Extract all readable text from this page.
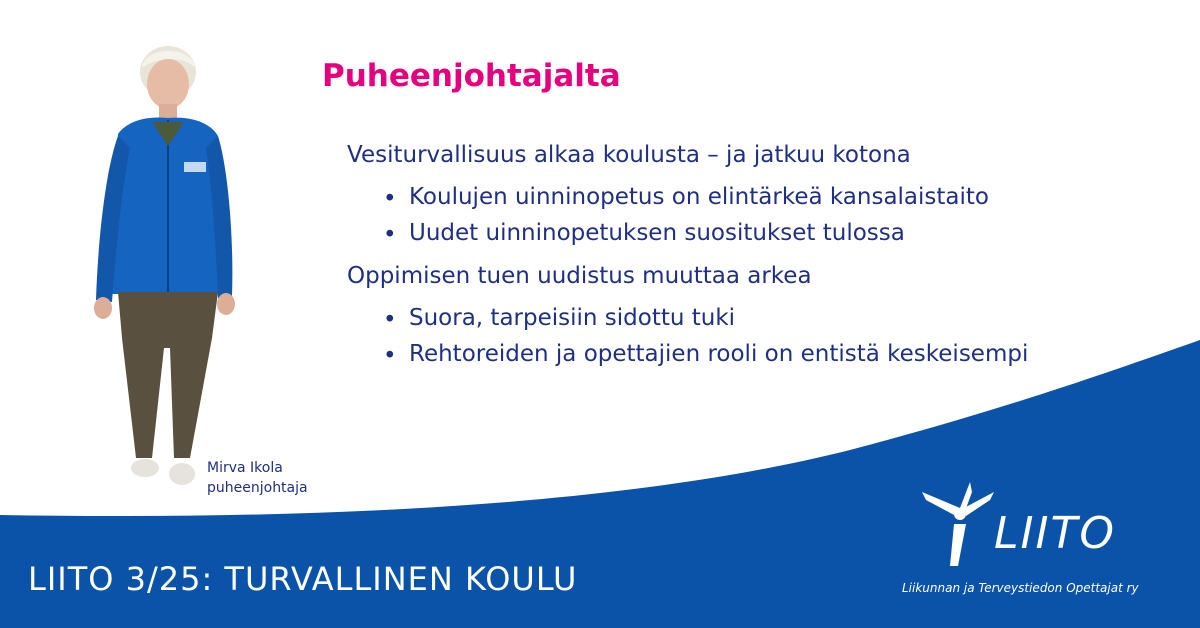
Puheenjohtajalta
Vesiturvallisuus alkaa koulusta – ja jatkuu kotona
• Koulujen uinninopetus on elintärkeä kansalaistaito
• Uudet uinninopetuksen suositukset tulossa
Oppimisen tuen uudistus muuttaa arkea
• Suora, tarpeisiin sidottu tuki
• Rehtoreiden ja opettajien rooli on entistä keskeisempi
Mirva Ikola
puheenjohtaja
LIITO 3/25: TURVALLINEN KOULU
LIITO
Liikunnan ja Terveystiedon Opettajat ry
